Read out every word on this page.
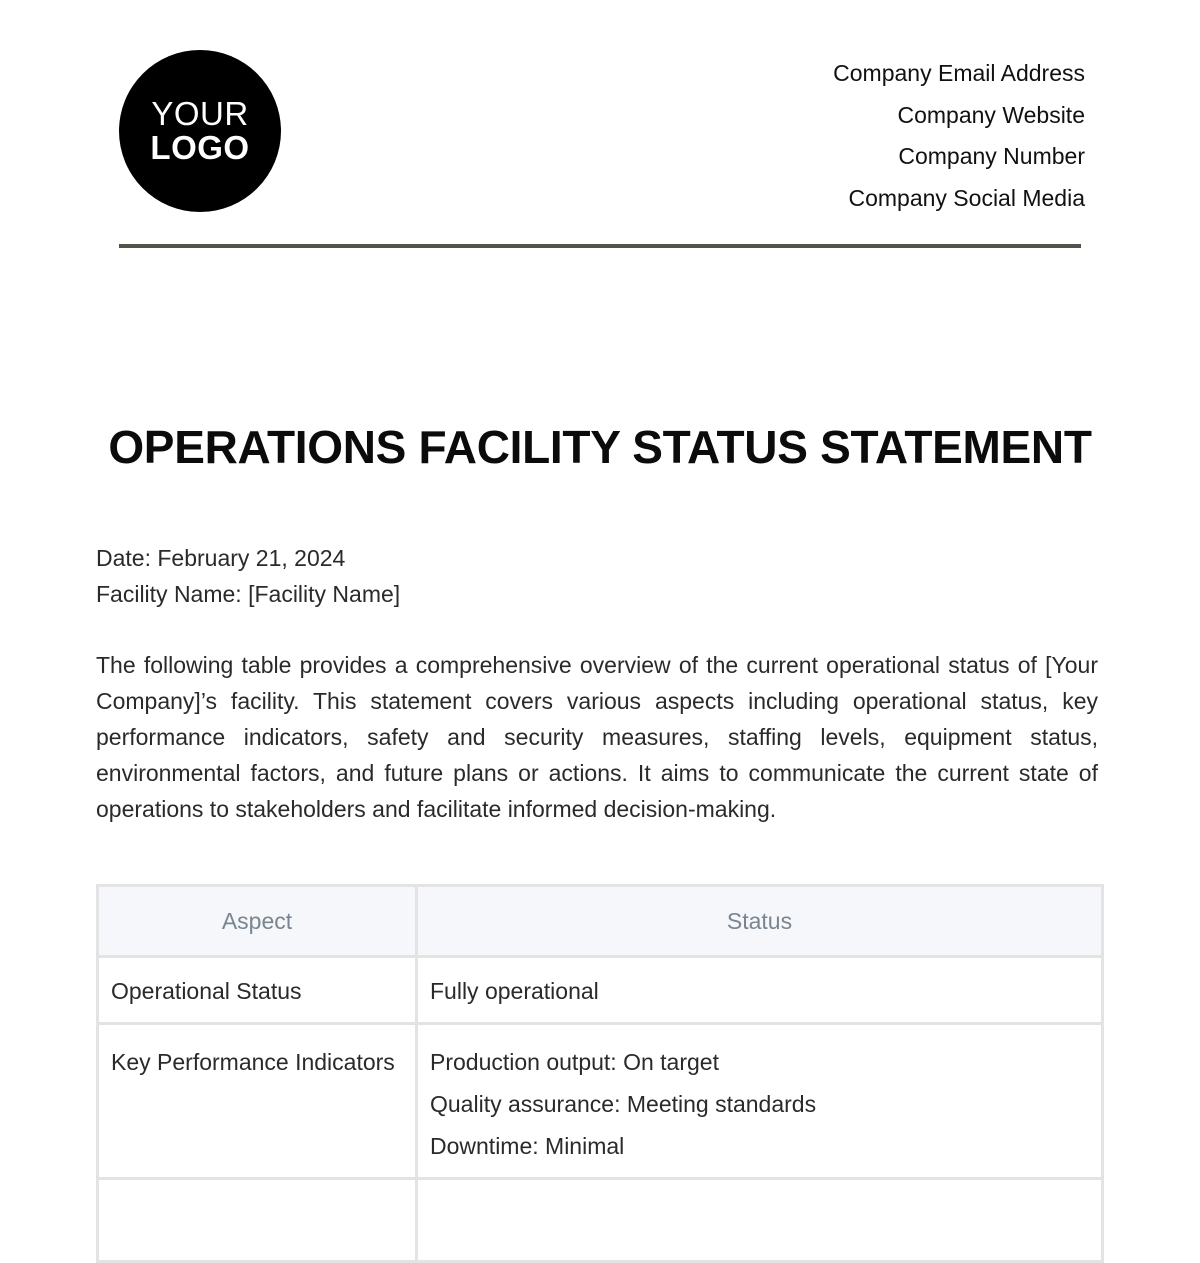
YOUR
LOGO
Company Email Address
Company Website
Company Number
Company Social Media
OPERATIONS FACILITY STATUS STATEMENT
Date: February 21, 2024
Facility Name: [Facility Name]

The following table provides a comprehensive overview of the current operational status of [Your Company]’s facility. This statement covers various aspects including operational status, key performance indicators, safety and security measures, staffing levels, equipment status, environmental factors, and future plans or actions. It aims to communicate the current state of operations to stakeholders and facilitate informed decision-making.

Aspect	Status
Operational Status	Fully operational

Key Performance Indicators	Production output: On target
Quality assurance: Meeting standards
Downtime: Minimal
